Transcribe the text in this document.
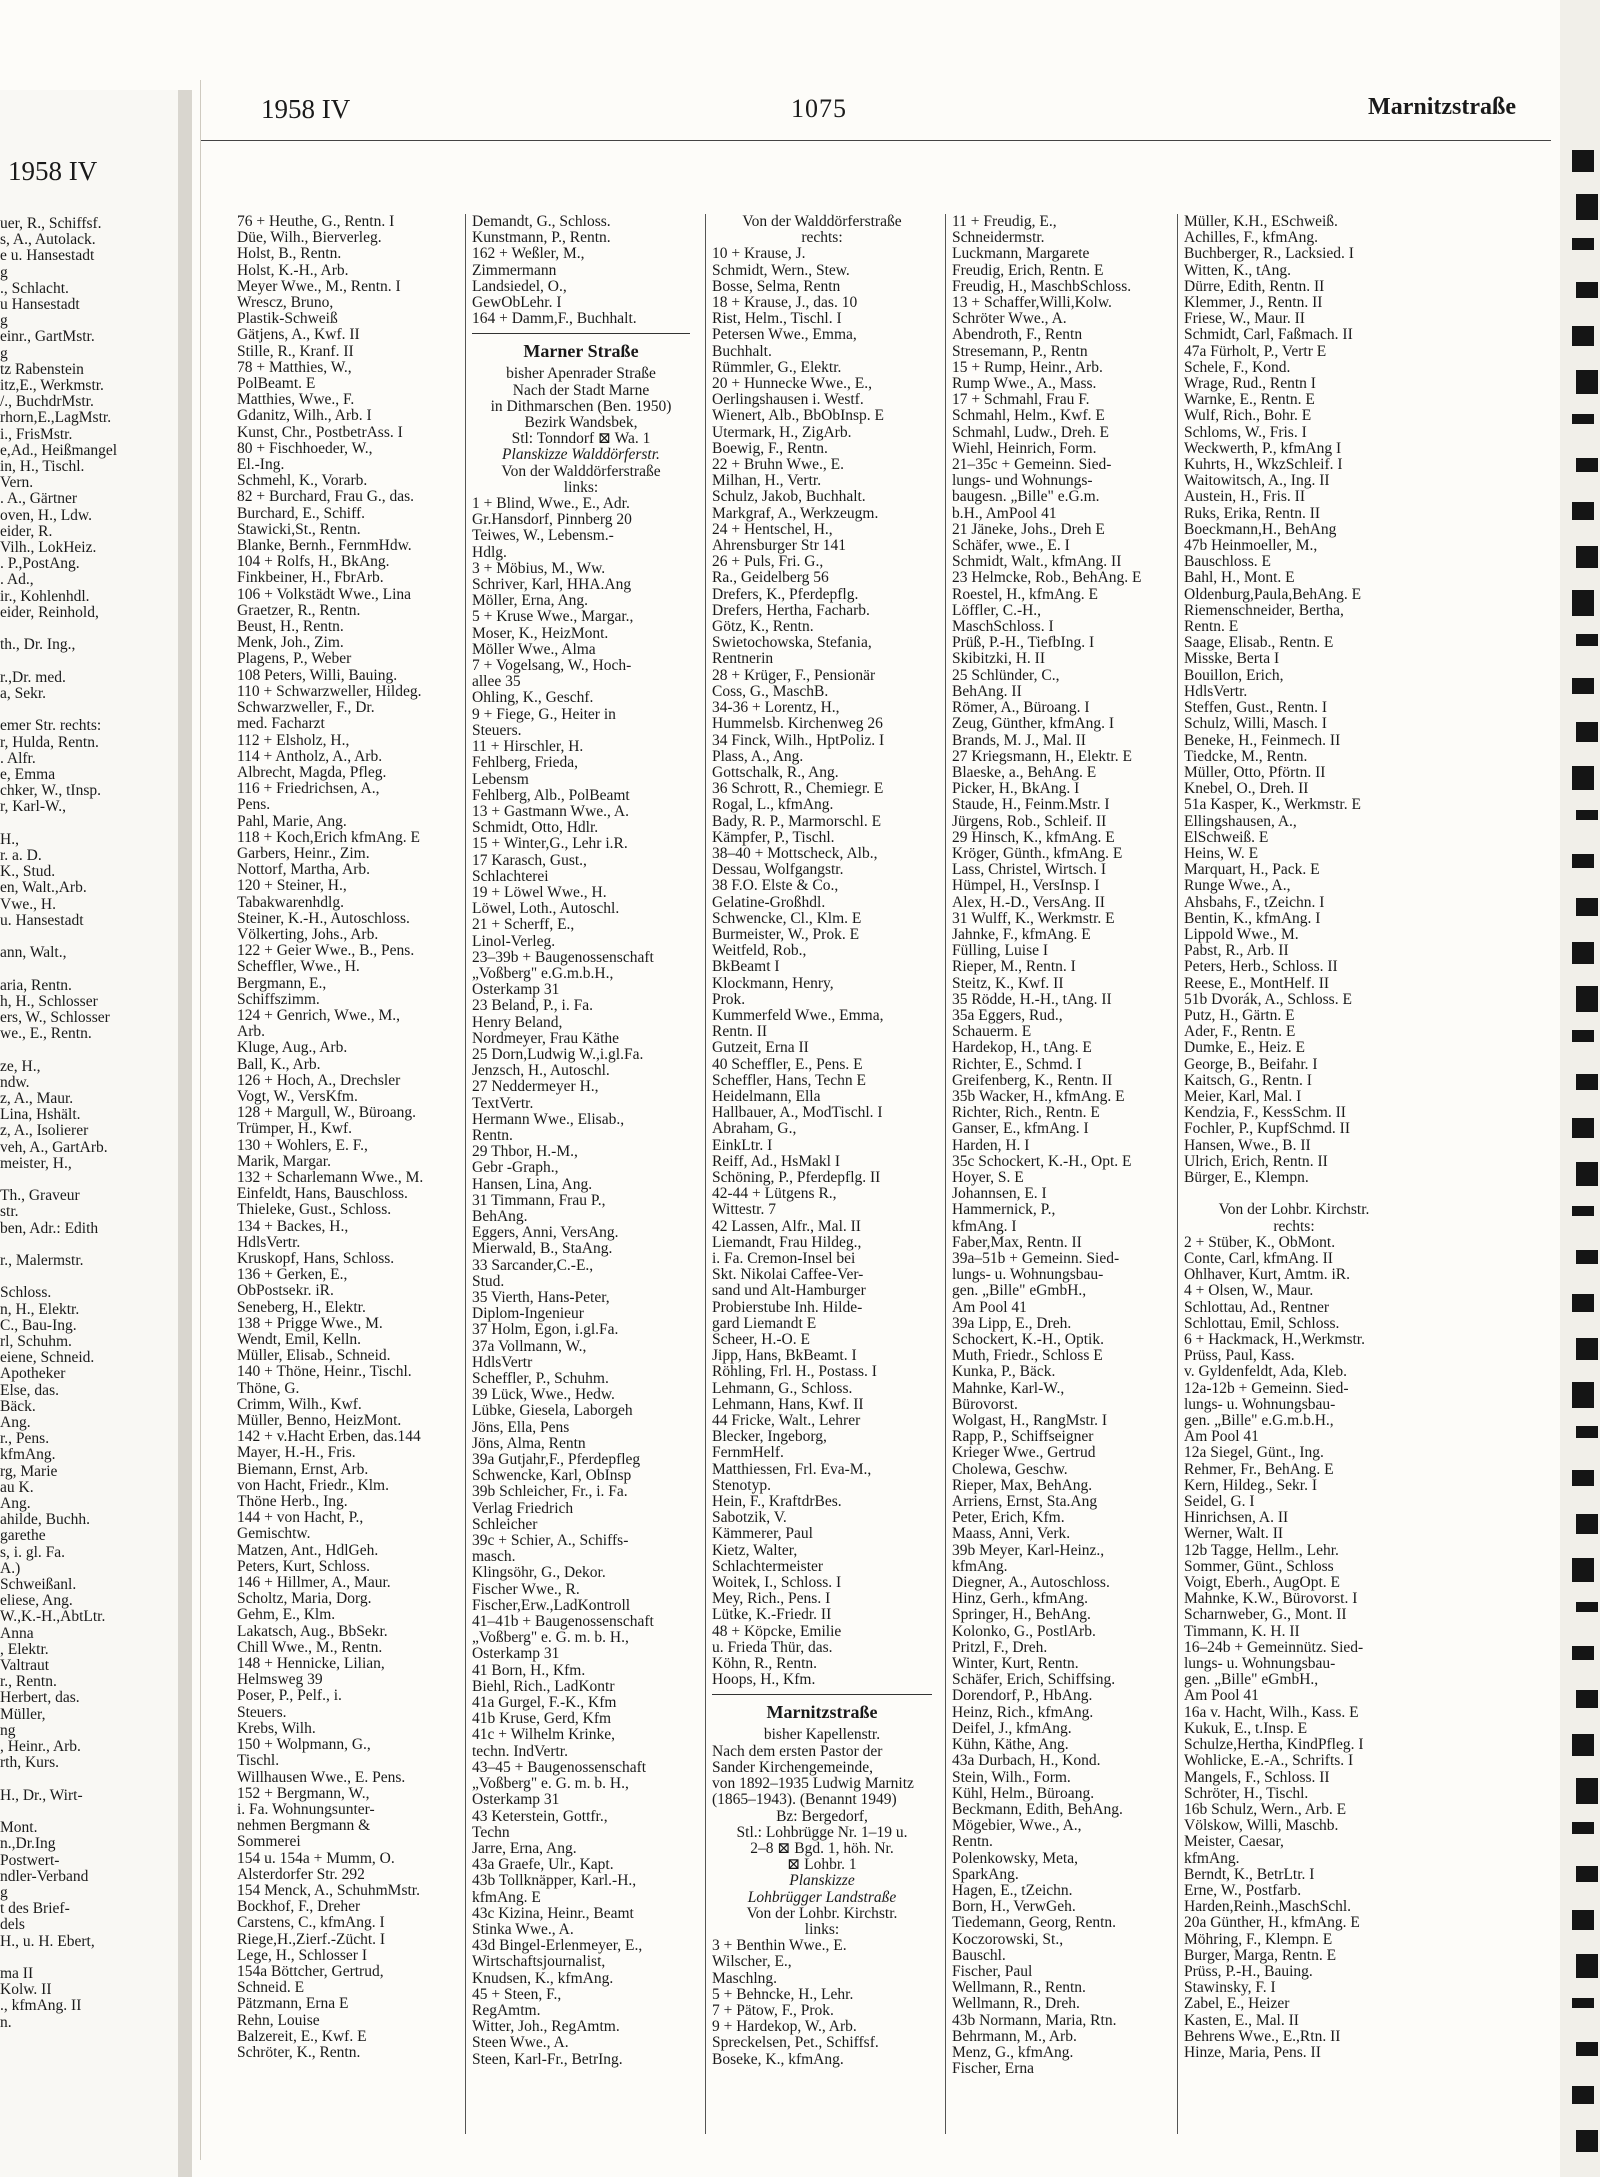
1958 IV
uer, R., Schiffsf.
s, A., Autolack.
e u. Hansestadt
g
., Schlacht.
u Hansestadt
g
einr., GartMstr.
g
tz Rabenstein
itz,E., Werkmstr.
/., BuchdrMstr.
rhorn,E.,LagMstr.
i., FrisMstr.
e,Ad., Heißmangel
in, H., Tischl.
Vern.
. A., Gärtner
oven, H., Ldw.
eider, R.
Vilh., LokHeiz.
. P.,PostAng.
. Ad.,
ir., Kohlenhdl.
eider, Reinhold,

th., Dr. Ing.,

r.,Dr. med.
a, Sekr.

emer Str. rechts:
r, Hulda, Rentn.
. Alfr.
e, Emma
chker, W., tInsp.
r, Karl-W.,

H.,
r. a. D.
K., Stud.
en, Walt.,Arb.
Vwe., H.
u. Hansestadt

ann, Walt.,

aria, Rentn.
h, H., Schlosser
ers, W., Schlosser
we., E., Rentn.

ze, H.,
ndw.
z, A., Maur.
Lina, Hshält.
z, A., Isolierer
veh, A., GartArb.
meister, H.,

Th., Graveur
str.
ben, Adr.: Edith

r., Malermstr.

Schloss.
n, H., Elektr.
C., Bau-Ing.
rl, Schuhm.
eiene, Schneid.
Apotheker
Else, das.
Bäck.
Ang.
r., Pens.
kfmAng.
rg, Marie
au K.
Ang.
ahilde, Buchh.
garethe
s, i. gl. Fa.
A.)
Schweißanl.
eliese, Ang.
W.,K.-H.,AbtLtr.
Anna
, Elektr.
Valtraut
r., Rentn.
Herbert, das.
Müller,
ng
, Heinr., Arb.
rth, Kurs.

H., Dr., Wirt-

Mont.
n.,Dr.Ing
Postwert-
ndler-Verband
g
t des Brief-
dels
H., u. H. Ebert,

ma II
Kolw. II
., kfmAng. II
n.
1958 IV	1075	Marnitzstraße
76 + Heuthe, G., Rentn. I
Düe, Wilh., Bierverleg.
Holst, B., Rentn.
Holst, K.-H., Arb.
Meyer Wwe., M., Rentn. I
Wrescz, Bruno,
Plastik-Schweiß
Gätjens, A., Kwf. II
Stille, R., Kranf. II
78 + Matthies, W.,
PolBeamt. E
Matthies, Wwe., F.
Gdanitz, Wilh., Arb. I
Kunst, Chr., PostbetrAss. I
80 + Fischhoeder, W.,
El.-Ing.
Schmehl, K., Vorarb.
82 + Burchard, Frau G., das.
Burchard, E., Schiff.
Stawicki,St., Rentn.
Blanke, Bernh., FernmHdw.
104 + Rolfs, H., BkAng.
Finkbeiner, H., FbrArb.
106 + Volkstädt Wwe., Lina
Graetzer, R., Rentn.
Beust, H., Rentn.
Menk, Joh., Zim.
Plagens, P., Weber
108 Peters, Willi, Bauing.
110 + Schwarzweller, Hildeg.
Schwarzweller, F., Dr.
med. Facharzt
112 + Elsholz, H.,
114 + Antholz, A., Arb.
Albrecht, Magda, Pfleg.
116 + Friedrichsen, A.,
Pens.
Pahl, Marie, Ang.
118 + Koch,Erich kfmAng. E
Garbers, Heinr., Zim.
Nottorf, Martha, Arb.
120 + Steiner, H.,
Tabakwarenhdlg.
Steiner, K.-H., Autoschloss.
Völkerting, Johs., Arb.
122 + Geier Wwe., B., Pens.
Scheffler, Wwe., H.
Bergmann, E.,
Schiffszimm.
124 + Genrich, Wwe., M.,
Arb.
Kluge, Aug., Arb.
Ball, K., Arb.
126 + Hoch, A., Drechsler
Vogt, W., VersKfm.
128 + Margull, W., Büroang.
Trümper, H., Kwf.
130 + Wohlers, E. F.,
Marik, Margar.
132 + Scharlemann Wwe., M.
Einfeldt, Hans, Bauschloss.
Thieleke, Gust., Schloss.
134 + Backes, H.,
HdlsVertr.
Kruskopf, Hans, Schloss.
136 + Gerken, E.,
ObPostsekr. iR.
Seneberg, H., Elektr.
138 + Prigge Wwe., M.
Wendt, Emil, Kelln.
Müller, Elisab., Schneid.
140 + Thöne, Heinr., Tischl.
Thöne, G.
Crimm, Wilh., Kwf.
Müller, Benno, HeizMont.
142 + v.Hacht Erben, das.144
Mayer, H.-H., Fris.
Biemann, Ernst, Arb.
von Hacht, Friedr., Klm.
Thöne Herb., Ing.
144 + von Hacht, P.,
Gemischtw.
Matzen, Ant., HdlGeh.
Peters, Kurt, Schloss.
146 + Hillmer, A., Maur.
Scholtz, Maria, Dorg.
Gehm, E., Klm.
Lakatsch, Aug., BbSekr.
Chill Wwe., M., Rentn.
148 + Hennicke, Lilian,
Helmsweg 39
Poser, P., Pelf., i.
Steuers.
Krebs, Wilh.
150 + Wolpmann, G.,
Tischl.
Willhausen Wwe., E. Pens.
152 + Bergmann, W.,
i. Fa. Wohnungsunter-
nehmen Bergmann &
Sommerei
154 u. 154a + Mumm, O.
Alsterdorfer Str. 292
154 Menck, A., SchuhmMstr.
Bockhof, F., Dreher
Carstens, C., kfmAng. I
Riege,H.,Zierf.-Zücht. I
Lege, H., Schlosser I
154a Böttcher, Gertrud,
Schneid. E
Pätzmann, Erna E
Rehn, Louise
Balzereit, E., Kwf. E
Schröter, K., Rentn.
Demandt, G., Schloss.
Kunstmann, P., Rentn.
162 + Weßler, M.,
Zimmermann
Landsiedel, O.,
GewObLehr. I
164 + Damm,F., Buchhalt.
Marner Straße
bisher Apenrader Straße
Nach der Stadt Marne
in Dithmarschen (Ben. 1950)
Bezirk Wandsbek,
Stl: Tonndorf ⊠ Wa. 1
Planskizze Walddörferstr.
Von der Walddörferstraße
links:
1 + Blind, Wwe., E., Adr.
Gr.Hansdorf, Pinnberg 20
Teiwes, W., Lebensm.-
Hdlg.
3 + Möbius, M., Ww.
Schriver, Karl, HHA.Ang
Möller, Erna, Ang.
5 + Kruse Wwe., Margar.,
Moser, K., HeizMont.
Möller Wwe., Alma
7 + Vogelsang, W., Hoch-
allee 35
Ohling, K., Geschf.
9 + Fiege, G., Heiter in
Steuers.
11 + Hirschler, H.
Fehlberg, Frieda,
Lebensm
Fehlberg, Alb., PolBeamt
13 + Gastmann Wwe., A.
Schmidt, Otto, Hdlr.
15 + Winter,G., Lehr i.R.
17 Karasch, Gust.,
Schlachterei
19 + Löwel Wwe., H.
Löwel, Loth., Autoschl.
21 + Scherff, E.,
Linol-Verleg.
23–39b + Baugenossenschaft
„Voßberg" e.G.m.b.H.,
Osterkamp 31
23 Beland, P., i. Fa.
Henry Beland,
Nordmeyer, Frau Käthe
25 Dorn,Ludwig W.,i.gl.Fa.
Jenzsch, H., Autoschl.
27 Neddermeyer H.,
TextVertr.
Hermann Wwe., Elisab.,
Rentn.
29 Thbor, H.-M.,
Gebr -Graph.,
Hansen, Lina, Ang.
31 Timmann, Frau P.,
BehAng.
Eggers, Anni, VersAng.
Mierwald, B., StaAng.
33 Sarcander,C.-E.,
Stud.
35 Vierth, Hans-Peter,
Diplom-Ingenieur
37 Holm, Egon, i.gl.Fa.
37a Vollmann, W.,
HdlsVertr
Scheffler, P., Schuhm.
39 Lück, Wwe., Hedw.
Lübke, Giesela, Laborgeh
Jöns, Ella, Pens
Jöns, Alma, Rentn
39a Gutjahr,F., Pferdepfleg
Schwencke, Karl, ObInsp
39b Schleicher, Fr., i. Fa.
Verlag Friedrich
Schleicher
39c + Schier, A., Schiffs-
masch.
Klingsöhr, G., Dekor.
Fischer Wwe., R.
Fischer,Erw.,LadKontroll
41–41b + Baugenossenschaft
„Voßberg" e. G. m. b. H.,
Osterkamp 31
41 Born, H., Kfm.
Biehl, Rich., LadKontr
41a Gurgel, F.-K., Kfm
41b Kruse, Gerd, Kfm
41c + Wilhelm Krinke,
techn. IndVertr.
43–45 + Baugenossenschaft
„Voßberg" e. G. m. b. H.,
Osterkamp 31
43 Keterstein, Gottfr.,
Techn
Jarre, Erna, Ang.
43a Graefe, Ulr., Kapt.
43b Tollknäpper, Karl.-H.,
kfmAng. E
43c Kizina, Heinr., Beamt
Stinka Wwe., A.
43d Bingel-Erlenmeyer, E.,
Wirtschaftsjournalist,
Knudsen, K., kfmAng.
45 + Steen, F.,
RegAmtm.
Witter, Joh., RegAmtm.
Steen Wwe., A.
Steen, Karl-Fr., BetrIng.
Von der Walddörferstraße
rechts:
10 + Krause, J.
Schmidt, Wern., Stew.
Bosse, Selma, Rentn
18 + Krause, J., das. 10
Rist, Helm., Tischl. I
Petersen Wwe., Emma,
Buchhalt.
Rümmler, G., Elektr.
20 + Hunnecke Wwe., E.,
Oerlingshausen i. Westf.
Wienert, Alb., BbObInsp. E
Utermark, H., ZigArb.
Boewig, F., Rentn.
22 + Bruhn Wwe., E.
Milhan, H., Vertr.
Schulz, Jakob, Buchhalt.
Markgraf, A., Werkzeugm.
24 + Hentschel, H.,
Ahrensburger Str 141
26 + Puls, Fri. G.,
Ra., Geidelberg 56
Drefers, K., Pferdepflg.
Drefers, Hertha, Facharb.
Götz, K., Rentn.
Swietochowska, Stefania,
Rentnerin
28 + Krüger, F., Pensionär
Coss, G., MaschB.
34-36 + Lorentz, H.,
Hummelsb. Kirchenweg 26
34 Finck, Wilh., HptPoliz. I
Plass, A., Ang.
Gottschalk, R., Ang.
36 Schrott, R., Chemiegr. E
Rogal, L., kfmAng.
Bady, R. P., Marmorschl. E
Kämpfer, P., Tischl.
38–40 + Mottscheck, Alb.,
Dessau, Wolfgangstr.
38 F.O. Elste & Co.,
Gelatine-Großhdl.
Schwencke, Cl., Klm. E
Burmeister, W., Prok. E
Weitfeld, Rob.,
BkBeamt I
Klockmann, Henry,
Prok.
Kummerfeld Wwe., Emma,
Rentn. II
Gutzeit, Erna II
40 Scheffler, E., Pens. E
Scheffler, Hans, Techn E
Heidelmann, Ella
Hallbauer, A., ModTischl. I
Abraham, G.,
EinkLtr. I
Reiff, Ad., HsMakl I
Schöning, P., Pferdepflg. II
42-44 + Lütgens R.,
Wittestr. 7
42 Lassen, Alfr., Mal. II
Liemandt, Frau Hildeg.,
i. Fa. Cremon-Insel bei
Skt. Nikolai Caffee-Ver-
sand und Alt-Hamburger
Probierstube Inh. Hilde-
gard Liemandt E
Scheer, H.-O. E
Jipp, Hans, BkBeamt. I
Röhling, Frl. H., Postass. I
Lehmann, G., Schloss.
Lehmann, Hans, Kwf. II
44 Fricke, Walt., Lehrer
Blecker, Ingeborg,
FernmHelf.
Matthiessen, Frl. Eva-M.,
Stenotyp.
Hein, F., KraftdrBes.
Sabotzik, V.
Kämmerer, Paul
Kietz, Walter,
Schlachtermeister
Woitek, I., Schloss. I
Mey, Rich., Pens. I
Lütke, K.-Friedr. II
48 + Köpcke, Emilie
u. Frieda Thür, das.
Köhn, R., Rentn.
Hoops, H., Kfm.
Marnitzstraße
bisher Kapellenstr.
Nach dem ersten Pastor der
Sander Kirchengemeinde,
von 1892–1935 Ludwig Marnitz
(1865–1943). (Benannt 1949)
Bz: Bergedorf,
Stl.: Lohbrügge Nr. 1–19 u.
2–8 ⊠ Bgd. 1, höh. Nr.
⊠ Lohbr. 1
Planskizze
Lohbrügger Landstraße
Von der Lohbr. Kirchstr.
links:
3 + Benthin Wwe., E.
Wilscher, E.,
Maschlng.
5 + Behncke, H., Lehr.
7 + Pätow, F., Prok.
9 + Hardekop, W., Arb.
Spreckelsen, Pet., Schiffsf.
Boseke, K., kfmAng.
11 + Freudig, E.,
Schneidermstr.
Luckmann, Margarete
Freudig, Erich, Rentn. E
Freudig, H., MaschbSchloss.
13 + Schaffer,Willi,Kolw.
Schröter Wwe., A.
Abendroth, F., Rentn
Stresemann, P., Rentn
15 + Rump, Heinr., Arb.
Rump Wwe., A., Mass.
17 + Schmahl, Frau F.
Schmahl, Helm., Kwf. E
Schmahl, Ludw., Dreh. E
Wiehl, Heinrich, Form.
21–35c + Gemeinn. Sied-
lungs- und Wohnungs-
baugesn. „Bille" e.G.m.
b.H., AmPool 41
21 Jäneke, Johs., Dreh E
Schäfer, wwe., E. I
Schmidt, Walt., kfmAng. II
23 Helmcke, Rob., BehAng. E
Roestel, H., kfmAng. E
Löffler, C.-H.,
MaschSchloss. I
Prüß, P.-H., TiefbIng. I
Skibitzki, H. II
25 Schlünder, C.,
BehAng. II
Römer, A., Büroang. I
Zeug, Günther, kfmAng. I
Brands, M. J., Mal. II
27 Kriegsmann, H., Elektr. E
Blaeske, a., BehAng. E
Picker, H., BkAng. I
Staude, H., Feinm.Mstr. I
Jürgens, Rob., Schleif. II
29 Hinsch, K., kfmAng. E
Kröger, Günth., kfmAng. E
Lass, Christel, Wirtsch. I
Hümpel, H., VersInsp. I
Alex, H.-D., VersAng. II
31 Wulff, K., Werkmstr. E
Jahnke, F., kfmAng. E
Fülling, Luise I
Rieper, M., Rentn. I
Steitz, K., Kwf. II
35 Rödde, H.-H., tAng. II
35a Eggers, Rud.,
Schauerm. E
Hardekop, H., tAng. E
Richter, E., Schmd. I
Greifenberg, K., Rentn. II
35b Wacker, H., kfmAng. E
Richter, Rich., Rentn. E
Ganser, E., kfmAng. I
Harden, H. I
35c Schockert, K.-H., Opt. E
Hoyer, S. E
Johannsen, E. I
Hammernick, P.,
kfmAng. I
Faber,Max, Rentn. II
39a–51b + Gemeinn. Sied-
lungs- u. Wohnungsbau-
gen. „Bille" eGmbH.,
Am Pool 41
39a Lipp, E., Dreh.
Schockert, K.-H., Optik.
Muth, Friedr., Schloss E
Kunka, P., Bäck.
Mahnke, Karl-W.,
Bürovorst.
Wolgast, H., RangMstr. I
Rapp, P., Schiffseigner
Krieger Wwe., Gertrud
Cholewa, Geschw.
Rieper, Max, BehAng.
Arriens, Ernst, Sta.Ang
Peter, Erich, Kfm.
Maass, Anni, Verk.
39b Meyer, Karl-Heinz.,
kfmAng.
Diegner, A., Autoschloss.
Hinz, Gerh., kfmAng.
Springer, H., BehAng.
Kolonko, G., PostlArb.
Pritzl, F., Dreh.
Winter, Kurt, Rentn.
Schäfer, Erich, Schiffsing.
Dorendorf, P., HbAng.
Heinz, Rich., kfmAng.
Deifel, J., kfmAng.
Kühn, Käthe, Ang.
43a Durbach, H., Kond.
Stein, Wilh., Form.
Kühl, Helm., Büroang.
Beckmann, Edith, BehAng.
Mögebier, Wwe., A.,
Rentn.
Polenkowsky, Meta,
SparkAng.
Hagen, E., tZeichn.
Born, H., VerwGeh.
Tiedemann, Georg, Rentn.
Koczorowski, St.,
Bauschl.
Fischer, Paul
Wellmann, R., Rentn.
Wellmann, R., Dreh.
43b Normann, Maria, Rtn.
Behrmann, M., Arb.
Menz, G., kfmAng.
Fischer, Erna
Müller, K.H., ESchweiß.
Achilles, F., kfmAng.
Buchberger, R., Lacksied. I
Witten, K., tAng.
Dürre, Edith, Rentn. II
Klemmer, J., Rentn. II
Friese, W., Maur. II
Schmidt, Carl, Faßmach. II
47a Fürholt, P., Vertr E
Schele, F., Kond.
Wrage, Rud., Rentn I
Warnke, E., Rentn. E
Wulf, Rich., Bohr. E
Schloms, W., Fris. I
Weckwerth, P., kfmAng I
Kuhrts, H., WkzSchleif. I
Waitowitsch, A., Ing. II
Austein, H., Fris. II
Ruks, Erika, Rentn. II
Boeckmann,H., BehAng
47b Heinmoeller, M.,
Bauschloss. E
Bahl, H., Mont. E
Oldenburg,Paula,BehAng. E
Riemenschneider, Bertha,
Rentn. E
Saage, Elisab., Rentn. E
Misske, Berta I
Bouillon, Erich,
HdlsVertr.
Steffen, Gust., Rentn. I
Schulz, Willi, Masch. I
Beneke, H., Feinmech. II
Tiedcke, M., Rentn.
Müller, Otto, Pförtn. II
Knebel, O., Dreh. II
51a Kasper, K., Werkmstr. E
Ellingshausen, A.,
ElSchweiß. E
Heins, W. E
Marquart, H., Pack. E
Runge Wwe., A.,
Ahsbahs, F., tZeichn. I
Bentin, K., kfmAng. I
Lippold Wwe., M.
Pabst, R., Arb. II
Peters, Herb., Schloss. II
Reese, E., MontHelf. II
51b Dvorák, A., Schloss. E
Putz, H., Gärtn. E
Ader, F., Rentn. E
Dumke, E., Heiz. E
George, B., Beifahr. I
Kaitsch, G., Rentn. I
Meier, Karl, Mal. I
Kendzia, F., KessSchm. II
Fochler, P., KupfSchmd. II
Hansen, Wwe., B. II
Ulrich, Erich, Rentn. II
Bürger, E., Klempn.

Von der Lohbr. Kirchstr.
rechts:
2 + Stüber, K., ObMont.
Conte, Carl, kfmAng. II
Ohlhaver, Kurt, Amtm. iR.
4 + Olsen, W., Maur.
Schlottau, Ad., Rentner
Schlottau, Emil, Schloss.
6 + Hackmack, H.,Werkmstr.
Prüss, Paul, Kass.
v. Gyldenfeldt, Ada, Kleb.
12a-12b + Gemeinn. Sied-
lungs- u. Wohnungsbau-
gen. „Bille" e.G.m.b.H.,
Am Pool 41
12a Siegel, Günt., Ing.
Rehmer, Fr., BehAng. E
Kern, Hildeg., Sekr. I
Seidel, G. I
Hinrichsen, A. II
Werner, Walt. II
12b Tagge, Hellm., Lehr.
Sommer, Günt., Schloss
Voigt, Eberh., AugOpt. E
Mahnke, K.W., Bürovorst. I
Scharnweber, G., Mont. II
Timmann, K. H. II
16–24b + Gemeinnütz. Sied-
lungs- u. Wohnungsbau-
gen. „Bille" eGmbH.,
Am Pool 41
16a v. Hacht, Wilh., Kass. E
Kukuk, E., t.Insp. E
Schulze,Hertha, KindPfleg. I
Wohlicke, E.-A., Schrifts. I
Mangels, F., Schloss. II
Schröter, H., Tischl.
16b Schulz, Wern., Arb. E
Völskow, Willi, Maschb.
Meister, Caesar,
kfmAng.
Berndt, K., BetrLtr. I
Erne, W., Postfarb.
Harden,Reinh.,MaschSchl.
20a Günther, H., kfmAng. E
Möhring, F., Klempn. E
Burger, Marga, Rentn. E
Prüss, P.-H., Bauing.
Stawinsky, F. I
Zabel, E., Heizer
Kasten, E., Mal. II
Behrens Wwe., E.,Rtn. II
Hinze, Maria, Pens. II
